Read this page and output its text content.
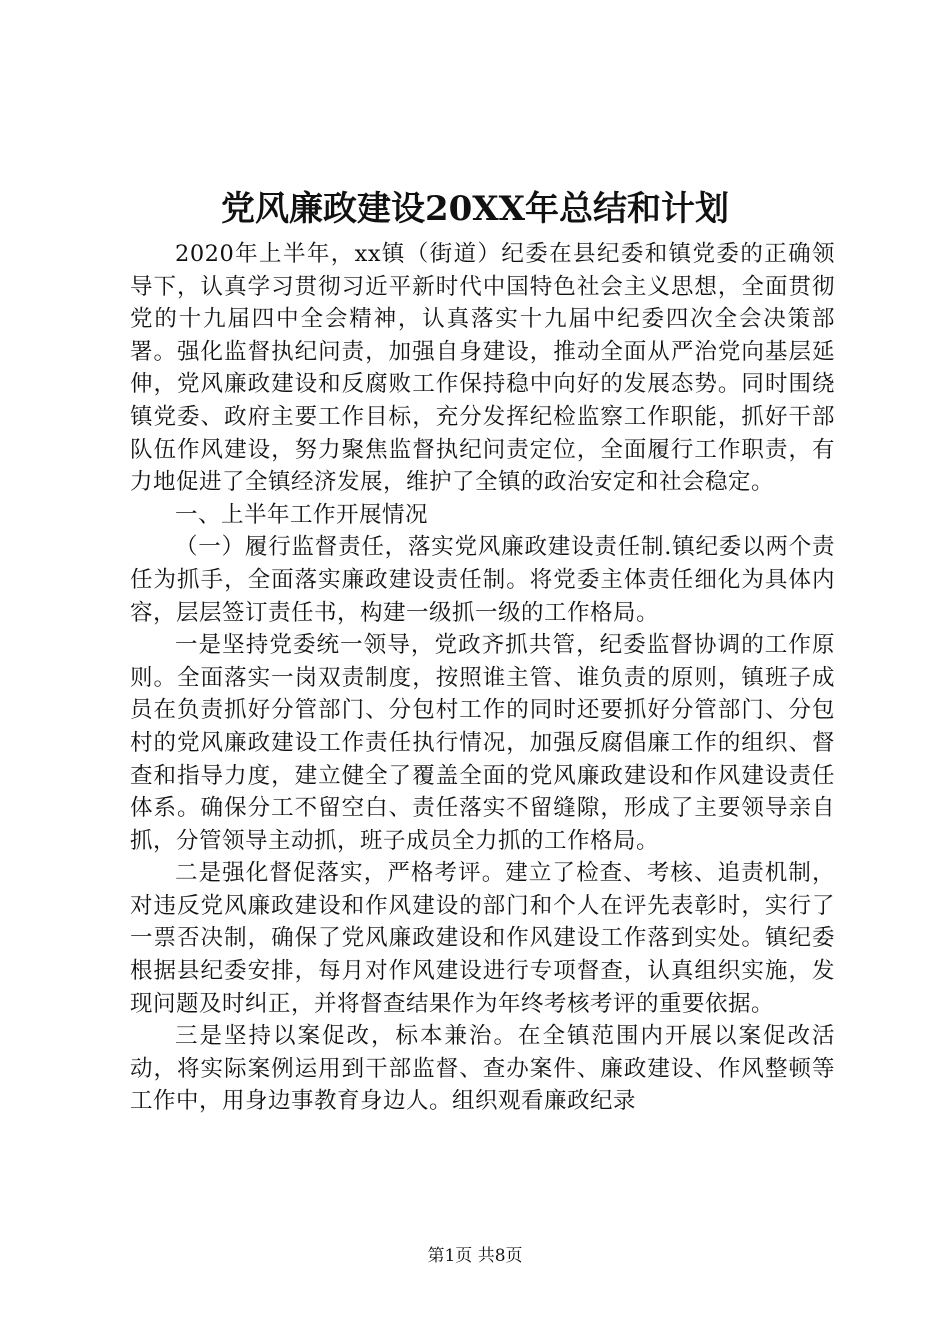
党风廉政建设20XX年总结和计划

2020年上半年，xx镇（街道）纪委在县纪委和镇党委的正确领导下，认真学习贯彻习近平新时代中国特色社会主义思想，全面贯彻党的十九届四中全会精神，认真落实十九届中纪委四次全会决策部署。强化监督执纪问责，加强自身建设，推动全面从严治党向基层延伸，党风廉政建设和反腐败工作保持稳中向好的发展态势。同时围绕镇党委、政府主要工作目标，充分发挥纪检监察工作职能，抓好干部队伍作风建设，努力聚焦监督执纪问责定位，全面履行工作职责，有力地促进了全镇经济发展，维护了全镇的政治安定和社会稳定。

一、上半年工作开展情况

（一）履行监督责任，落实党风廉政建设责任制.镇纪委以两个责任为抓手，全面落实廉政建设责任制。将党委主体责任细化为具体内容，层层签订责任书，构建一级抓一级的工作格局。

一是坚持党委统一领导，党政齐抓共管，纪委监督协调的工作原则。全面落实一岗双责制度，按照谁主管、谁负责的原则，镇班子成员在负责抓好分管部门、分包村工作的同时还要抓好分管部门、分包村的党风廉政建设工作责任执行情况，加强反腐倡廉工作的组织、督查和指导力度，建立健全了覆盖全面的党风廉政建设和作风建设责任体系。确保分工不留空白、责任落实不留缝隙，形成了主要领导亲自抓，分管领导主动抓，班子成员全力抓的工作格局。

二是强化督促落实，严格考评。建立了检查、考核、追责机制，对违反党风廉政建设和作风建设的部门和个人在评先表彰时，实行了一票否决制，确保了党风廉政建设和作风建设工作落到实处。镇纪委根据县纪委安排，每月对作风建设进行专项督查，认真组织实施，发现问题及时纠正，并将督查结果作为年终考核考评的重要依据。

三是坚持以案促改，标本兼治。在全镇范围内开展以案促改活动，将实际案例运用到干部监督、查办案件、廉政建设、作风整顿等工作中，用身边事教育身边人。组织观看廉政纪录

第1页 共8页
